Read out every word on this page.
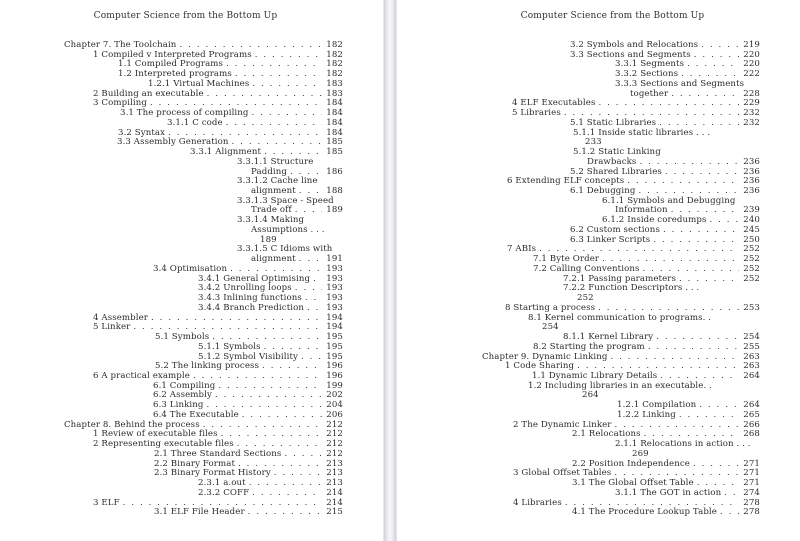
Computer Science from the Bottom Up
Chapter 7. The Toolchain . . .	182
1 Compiled v Interpreted Programs . . .	182
1.1 Compiled Programs . . .	182
1.2 Interpreted programs . . .	182
1.2.1 Virtual Machines . . .	183
2 Building an executable . . .	183
3 Compiling . . .	184
3.1 The process of compiling . . .	184
3.1.1 C code . . .	184
3.2 Syntax . . .	184
3.3 Assembly Generation . . .	185
3.3.1 Alignment . . .	185
3.3.1.1 Structure
Padding . . .	186
3.3.1.2 Cache line
alignment . . .	188
3.3.1.3 Space - Speed
Trade off . . .	189
3.3.1.4 Making
Assumptions . . .
189
3.3.1.5 C Idioms with
alignment . . .	191
3.4 Optimisation . . .	193
3.4.1 General Optimising . . . 193
3.4.2 Unrolling loops . . .	193
3.4.3 Inlining functions . . .	193
3.4.4 Branch Prediction . . .	193
4 Assembler . . .	194
5 Linker . . .	194
5.1 Symbols . . .	195
5.1.1 Symbols . . .	195
5.1.2 Symbol Visibility . . .	195
5.2 The linking process . . .	196
6 A practical example . . .	196
6.1 Compiling . . .	199
6.2 Assembly . . .	202
6.3 Linking . . .	204
6.4 The Executable . . .	206
Chapter 8. Behind the process . . .	212
1 Review of executable files . . .	212
2 Representing executable files . . .	212
2.1 Three Standard Sections . . .	212
2.2 Binary Format . . .	213
2.3 Binary Format History . . .	213
2.3.1 a.out . . .	213
2.3.2 COFF . . .	214
3 ELF . . .	214
3.1 ELF File Header . . .	215
Computer Science from the Bottom Up
3.2 Symbols and Relocations . . .	219
3.3 Sections and Segments . . .	220
3.3.1 Segments . . .	220
3.3.2 Sections . . .	222
3.3.3 Sections and Segments
together . . .	228
4 ELF Executables . . .	229
5 Libraries . . .	232
5.1 Static Libraries . . .	232
5.1.1 Inside static libraries . . .
233
5.1.2 Static Linking
Drawbacks . . .	236
5.2 Shared Libraries . . .	236
6 Extending ELF concepts . . .	236
6.1 Debugging . . .	236
6.1.1 Symbols and Debugging
Information . . .	239
6.1.2 Inside coredumps . . .	240
6.2 Custom sections . . .	245
6.3 Linker Scripts . . .	250
7 ABIs . . .	252
7.1 Byte Order . . .	252
7.2 Calling Conventions . . .	252
7.2.1 Passing parameters . . .	252
7.2.2 Function Descriptors . . .
252
8 Starting a process . . .	253
8.1 Kernel communication to programs. .
254
8.1.1 Kernel Library . . .	254
8.2 Starting the program . . .	255
Chapter 9. Dynamic Linking . . .	263
1 Code Sharing . . .	263
1.1 Dynamic Library Details . . .	264
1.2 Including libraries in an executable. .
264
1.2.1 Compilation . . .	264
1.2.2 Linking . . .	265
2 The Dynamic Linker . . .	266
2.1 Relocations . . .	268
2.1.1 Relocations in action . . .
269
2.2 Position Independence . . .	271
3 Global Offset Tables . . .	271
3.1 The Global Offset Table . . .	271
3.1.1 The GOT in action . . .	274
4 Libraries . . .	278
4.1 The Procedure Lookup Table . . .	278
